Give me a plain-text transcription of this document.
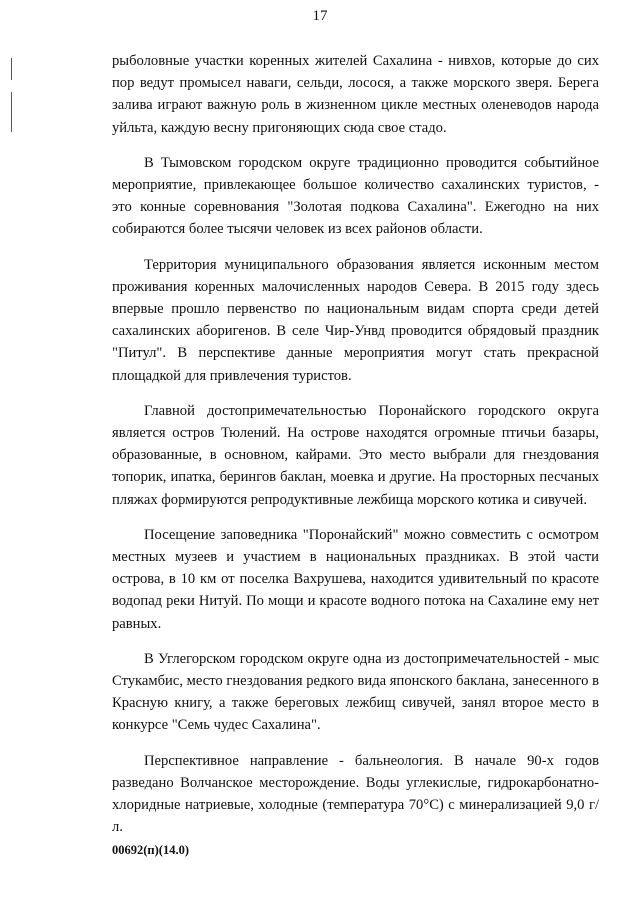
17

рыболовные участки коренных жителей Сахалина - нивхов, которые до сих пор ведут промысел наваги, сельди, лосося, а также морского зверя. Берега залива играют важную роль в жизненном цикле местных оленеводов народа уйльта, каждую весну пригоняющих сюда свое стадо.

В Тымовском городском округе традиционно проводится событийное мероприятие, привлекающее большое количество сахалинских туристов, - это конные соревнования "Золотая подкова Сахалина". Ежегодно на них собираются более тысячи человек из всех районов области.

Территория муниципального образования является исконным местом проживания коренных малочисленных народов Севера. В 2015 году здесь впервые прошло первенство по национальным видам спорта среди детей сахалинских аборигенов. В селе Чир-Унвд проводится обрядовый праздник "Питул". В перспективе данные мероприятия могут стать прекрасной площадкой для привлечения туристов.

Главной достопримечательностью Поронайского городского округа является остров Тюлений. На острове находятся огромные птичьи базары, образованные, в основном, кайрами. Это место выбрали для гнездования топорик, ипатка, берингов баклан, моевка и другие. На просторных песчаных пляжах формируются репродуктивные лежбища морского котика и сивучей.

Посещение заповедника "Поронайский" можно совместить с осмотром местных музеев и участием в национальных праздниках. В этой части острова, в 10 км от поселка Вахрушева, находится удивительный по красоте водопад реки Нитуй. По мощи и красоте водного потока на Сахалине ему нет равных.

В Углегорском городском округе одна из достопримечательностей - мыс Стукамбис, место гнездования редкого вида японского баклана, занесенного в Красную книгу, а также береговых лежбищ сивучей, занял второе место в конкурсе "Семь чудес Сахалина".

Перспективное направление - бальнеология. В начале 90-х годов разведано Волчанское месторождение. Воды углекислые, гидрокарбонатно-хлоридные натриевые, холодные (температура 70°С) с минерализацией 9,0 г/л.

00692(п)(14.0)
